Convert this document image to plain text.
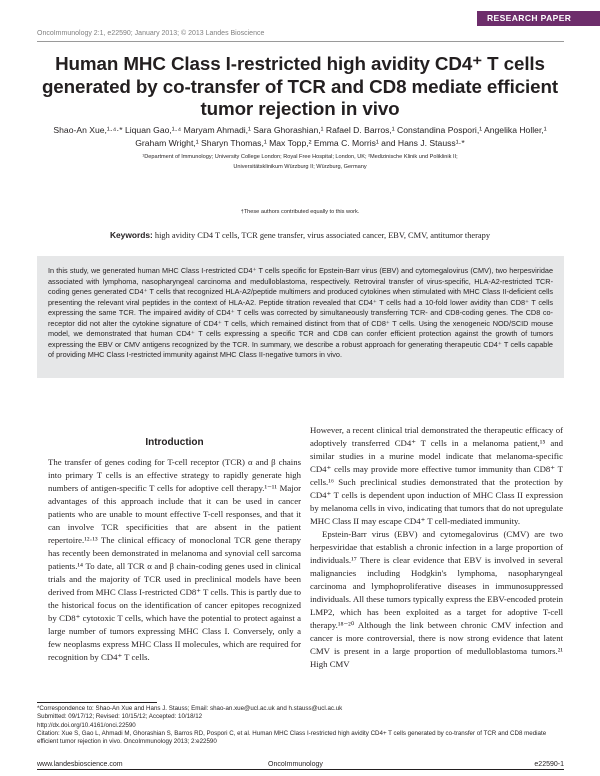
RESEARCH PAPER
OncoImmunology 2:1, e22590; January 2013; © 2013 Landes Bioscience
Human MHC Class I-restricted high avidity CD4⁺ T cells generated by co-transfer of TCR and CD8 mediate efficient tumor rejection in vivo
Shao-An Xue,¹·⁴·* Liquan Gao,¹·⁴ Maryam Ahmadi,¹ Sara Ghorashian,¹ Rafael D. Barros,¹ Constandina Pospori,¹ Angelika Holler,¹
Graham Wright,¹ Sharyn Thomas,¹ Max Topp,² Emma C. Morris¹ and Hans J. Stauss¹·*
¹Department of Immunology; University College London; Royal Free Hospital; London, UK; ²Medizinische Klinik und Poliklinik II;
Universitätsklinikum Würzburg II; Würzburg, Germany
†These authors contributed equally to this work.
Keywords: high avidity CD4 T cells, TCR gene transfer, virus associated cancer, EBV, CMV, antitumor therapy
In this study, we generated human MHC Class I-restricted CD4⁺ T cells specific for Epstein-Barr virus (EBV) and cytomegalovirus (CMV), two herpesviridae associated with lymphoma, nasopharyngeal carcinoma and medulloblastoma, respectively. Retroviral transfer of virus-specific, HLA-A2-restricted TCR-coding genes generated CD4⁺ T cells that recognized HLA-A2/peptide multimers and produced cytokines when stimulated with MHC Class II-deficient cells presenting the relevant viral peptides in the context of HLA-A2. Peptide titration revealed that CD4⁺ T cells had a 10-fold lower avidity than CD8⁺ T cells expressing the same TCR. The impaired avidity of CD4⁺ T cells was corrected by simultaneously transferring TCR- and CD8-coding genes. The CD8 co-receptor did not alter the cytokine signature of CD4⁺ T cells, which remained distinct from that of CD8⁺ T cells. Using the xenogeneic NOD/SCID mouse model, we demonstrated that human CD4⁺ T cells expressing a specific TCR and CD8 can confer efficient protection against the growth of tumors expressing the EBV or CMV antigens recognized by the TCR. In summary, we describe a robust approach for generating therapeutic CD4⁺ T cells capable of providing MHC Class I-restricted immunity against MHC Class II-negative tumors in vivo.
Introduction

The transfer of genes coding for T-cell receptor (TCR) α and β chains into primary T cells is an effective strategy to rapidly generate high numbers of antigen-specific T cells for adoptive cell therapy.¹⁻¹¹ Major advantages of this approach include that it can be used in cancer patients who are unable to mount effective T-cell responses, and that it can involve TCR specificities that are absent in the patient repertoire.¹²·¹³ The clinical efficacy of monoclonal TCR gene therapy has recently been demonstrated in melanoma and synovial cell sarcoma patients.¹⁴ To date, all TCR α and β chain-coding genes used in clinical trials and the majority of TCR used in preclinical models have been derived from MHC Class I-restricted CD8⁺ T cells. This is partly due to the historical focus on the identification of cancer epitopes recognized by CD8⁺ cytotoxic T cells, which have the potential to protect against a large number of tumors expressing MHC Class I. Conversely, only a few neoplasms express MHC Class II molecules, which are required for recognition by CD4⁺ T cells.

However, a recent clinical trial demonstrated the therapeutic efficacy of adoptively transferred CD4⁺ T cells in a melanoma patient,¹⁵ and similar studies in a murine model indicate that melanoma-specific CD4⁺ cells may provide more effective tumor immunity than CD8⁺ T cells.¹⁶ Such preclinical studies demonstrated that the protection by CD4⁺ T cells is dependent upon induction of MHC Class II expression by melanoma cells in vivo, indicating that tumors that do not upregulate MHC Class II may escape CD4⁺ T cell-mediated immunity.

Epstein-Barr virus (EBV) and cytomegalovirus (CMV) are two herpesviridae that establish a chronic infection in a large proportion of individuals.¹⁷ There is clear evidence that EBV is involved in several malignancies including Hodgkin's lymphoma, nasopharyngeal carcinoma and lymphoproliferative diseases in immunosuppressed individuals. All these tumors typically express the EBV-encoded protein LMP2, which has been exploited as a target for adoptive T-cell therapy.¹⁸⁻²⁰ Although the link between chronic CMV infection and cancer is more controversial, there is now strong evidence that latent CMV is present in a large proportion of medulloblastoma tumors.²¹ High CMV

*Correspondence to: Shao-An Xue and Hans J. Stauss; Email: shao-an.xue@ucl.ac.uk and h.stauss@ucl.ac.uk
Submitted: 09/17/12; Revised: 10/15/12; Accepted: 10/18/12
http://dx.doi.org/10.4161/onci.22590
Citation: Xue S, Gao L, Ahmadi M, Ghorashian S, Barros RD, Pospori C, et al. Human MHC Class I-restricted high avidity CD4+ T cells generated by co-transfer of TCR and CD8 mediate efficient tumor rejection in vivo. OncoImmunology 2013; 2:e22590
www.landesbioscience.com	OncoImmunology	e22590-1
